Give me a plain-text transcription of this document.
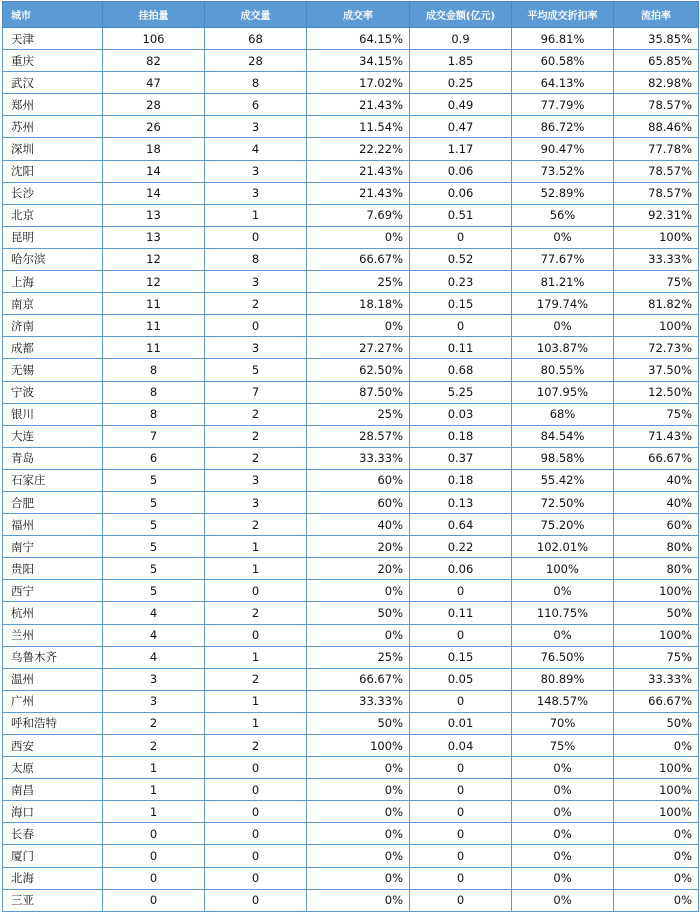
城市	挂拍量	成交量	成交率	成交金额(亿元)	平均成交折扣率	流拍率
天津	106	68	64.15%	0.9	96.81%	35.85%
重庆	82	28	34.15%	1.85	60.58%	65.85%
武汉	47	8	17.02%	0.25	64.13%	82.98%
郑州	28	6	21.43%	0.49	77.79%	78.57%
苏州	26	3	11.54%	0.47	86.72%	88.46%
深圳	18	4	22.22%	1.17	90.47%	77.78%
沈阳	14	3	21.43%	0.06	73.52%	78.57%
长沙	14	3	21.43%	0.06	52.89%	78.57%
北京	13	1	7.69%	0.51	56%	92.31%
昆明	13	0	0%	0	0%	100%
哈尔滨	12	8	66.67%	0.52	77.67%	33.33%
上海	12	3	25%	0.23	81.21%	75%
南京	11	2	18.18%	0.15	179.74%	81.82%
济南	11	0	0%	0	0%	100%
成都	11	3	27.27%	0.11	103.87%	72.73%
无锡	8	5	62.50%	0.68	80.55%	37.50%
宁波	8	7	87.50%	5.25	107.95%	12.50%
银川	8	2	25%	0.03	68%	75%
大连	7	2	28.57%	0.18	84.54%	71.43%
青岛	6	2	33.33%	0.37	98.58%	66.67%
石家庄	5	3	60%	0.18	55.42%	40%
合肥	5	3	60%	0.13	72.50%	40%
福州	5	2	40%	0.64	75.20%	60%
南宁	5	1	20%	0.22	102.01%	80%
贵阳	5	1	20%	0.06	100%	80%
西宁	5	0	0%	0	0%	100%
杭州	4	2	50%	0.11	110.75%	50%
兰州	4	0	0%	0	0%	100%
乌鲁木齐	4	1	25%	0.15	76.50%	75%
温州	3	2	66.67%	0.05	80.89%	33.33%
广州	3	1	33.33%	0	148.57%	66.67%
呼和浩特	2	1	50%	0.01	70%	50%
西安	2	2	100%	0.04	75%	0%
太原	1	0	0%	0	0%	100%
南昌	1	0	0%	0	0%	100%
海口	1	0	0%	0	0%	100%
长春	0	0	0%	0	0%	0%
厦门	0	0	0%	0	0%	0%
北海	0	0	0%	0	0%	0%
三亚	0	0	0%	0	0%	0%
